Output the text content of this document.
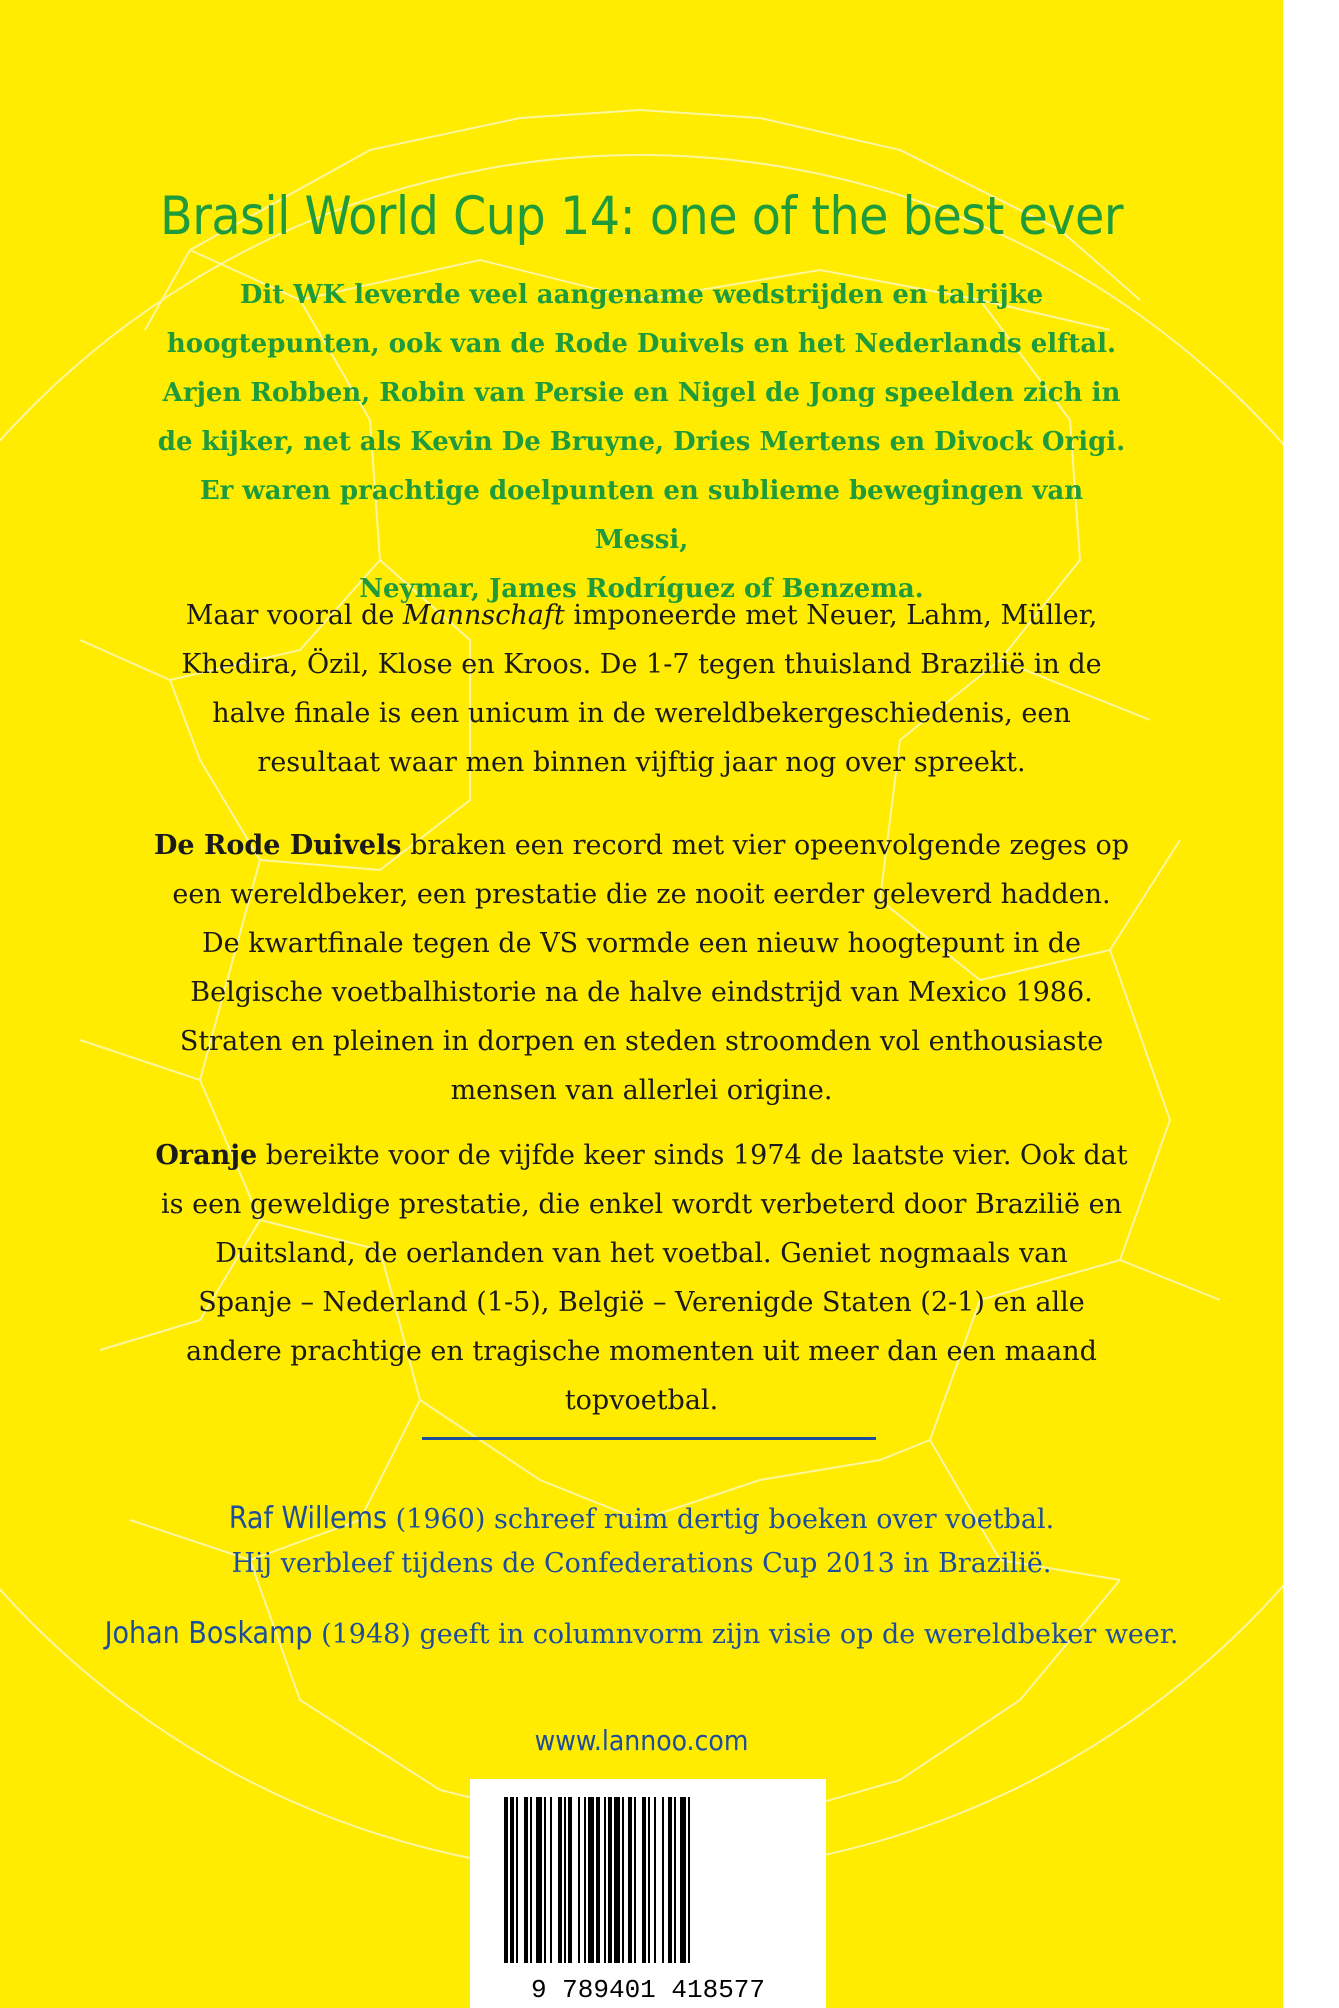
Brasil World Cup 14: one of the best ever

Dit WK leverde veel aangename wedstrijden en talrijke
hoogtepunten, ook van de Rode Duivels en het Nederlands elftal.
Arjen Robben, Robin van Persie en Nigel de Jong speelden zich in
de kijker, net als Kevin De Bruyne, Dries Mertens en Divock Origi.
Er waren prachtige doelpunten en sublieme bewegingen van Messi,
Neymar, James Rodríguez of Benzema.

Maar vooral de Mannschaft imponeerde met Neuer, Lahm, Müller,
Khedira, Özil, Klose en Kroos. De 1-7 tegen thuisland Brazilië in de
halve finale is een unicum in de wereldbekergeschiedenis, een
resultaat waar men binnen vijftig jaar nog over spreekt.

De Rode Duivels braken een record met vier opeenvolgende zeges op
een wereldbeker, een prestatie die ze nooit eerder geleverd hadden.
De kwartfinale tegen de VS vormde een nieuw hoogtepunt in de
Belgische voetbalhistorie na de halve eindstrijd van Mexico 1986.
Straten en pleinen in dorpen en steden stroomden vol enthousiaste
mensen van allerlei origine.

Oranje bereikte voor de vijfde keer sinds 1974 de laatste vier. Ook dat
is een geweldige prestatie, die enkel wordt verbeterd door Brazilië en
Duitsland, de oerlanden van het voetbal. Geniet nogmaals van
Spanje – Nederland (1-5), België – Verenigde Staten (2-1) en alle
andere prachtige en tragische momenten uit meer dan een maand
topvoetbal.

Raf Willems (1960) schreef ruim dertig boeken over voetbal.
Hij verbleef tijdens de Confederations Cup 2013 in Brazilië.

Johan Boskamp (1948) geeft in columnvorm zijn visie op de wereldbeker weer.

www.lannoo.com
9 789401 418577
